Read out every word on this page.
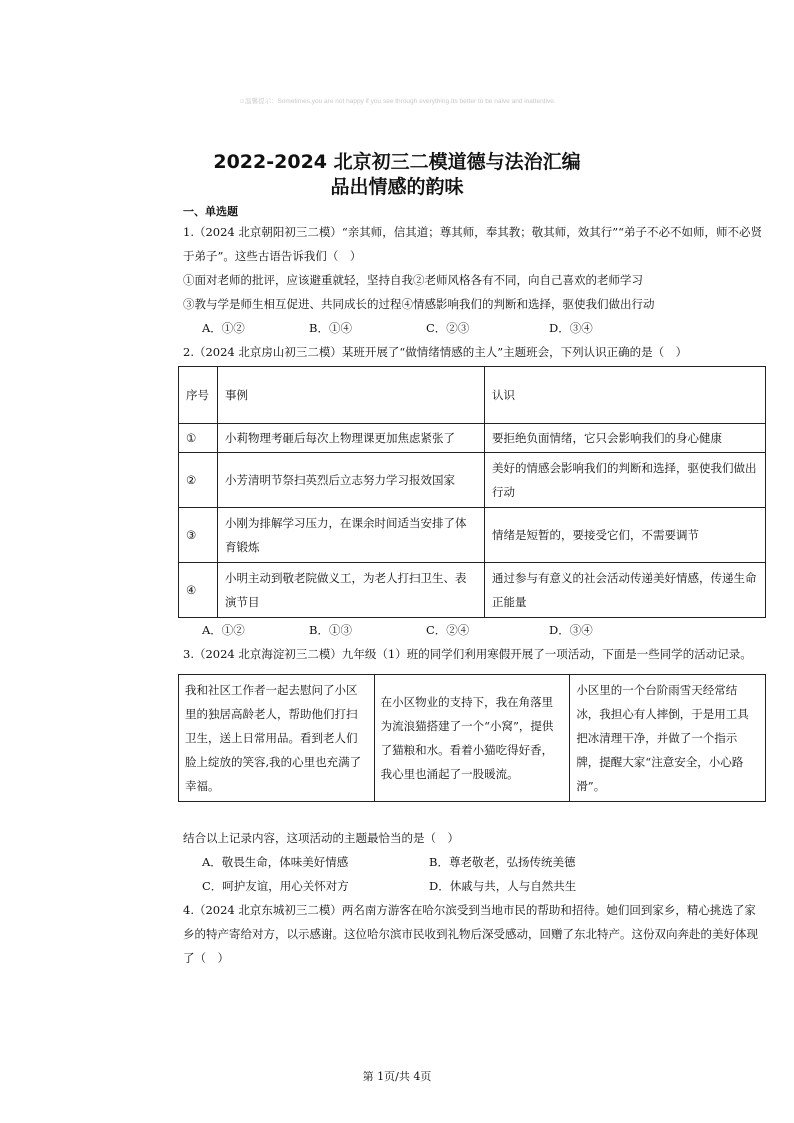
☺温馨提示：Sometimes,you are not happy if you see through everything.Its better to be naive and inattentive.
2022-2024 北京初三二模道德与法治汇编
品出情感的韵味
一、单选题
1.（2024 北京朝阳初三二模）“亲其师，信其道；尊其师，奉其教；敬其师，效其行”“弟子不必不如师，师不必贤于弟子”。这些古语告诉我们（　）
①面对老师的批评，应该避重就轻，坚持自我②老师风格各有不同，向自己喜欢的老师学习
③教与学是师生相互促进、共同成长的过程④情感影响我们的判断和选择，驱使我们做出行动
A．①②	B．①④	C．②③	D．③④
2.（2024 北京房山初三二模）某班开展了“做情绪情感的主人”主题班会，下列认识正确的是（　）
序号	事例	认识
①	小莉物理考砸后每次上物理课更加焦虑紧张了	要拒绝负面情绪，它只会影响我们的身心健康
②	小芳清明节祭扫英烈后立志努力学习报效国家	美好的情感会影响我们的判断和选择，驱使我们做出行动
③	小刚为排解学习压力，在课余时间适当安排了体育锻炼	情绪是短暂的，要接受它们，不需要调节
④	小明主动到敬老院做义工，为老人打扫卫生、表演节目	通过参与有意义的社会活动传递美好情感，传递生命正能量
A．①②	B．①③	C．②④	D．③④
3.（2024 北京海淀初三二模）九年级（1）班的同学们利用寒假开展了一项活动，下面是一些同学的活动记录。
我和社区工作者一起去慰问了小区里的独居高龄老人，帮助他们打扫卫生，送上日常用品。看到老人们脸上绽放的笑容,我的心里也充满了幸福。	在小区物业的支持下，我在角落里为流浪猫搭建了一个“小窝”，提供了猫粮和水。看着小猫吃得好香，我心里也涌起了一股暖流。	小区里的一个台阶雨雪天经常结冰，我担心有人摔倒，于是用工具把冰清理干净，并做了一个指示牌，提醒大家“注意安全，小心路滑”。
结合以上记录内容，这项活动的主题最恰当的是（　）
A．敬畏生命，体味美好情感	B．尊老敬老，弘扬传统美德
C．呵护友谊，用心关怀对方	D．休戚与共，人与自然共生
4.（2024 北京东城初三二模）两名南方游客在哈尔滨受到当地市民的帮助和招待。她们回到家乡，精心挑选了家乡的特产寄给对方，以示感谢。这位哈尔滨市民收到礼物后深受感动，回赠了东北特产。这份双向奔赴的美好体现了（　）
第 1页/共 4页
